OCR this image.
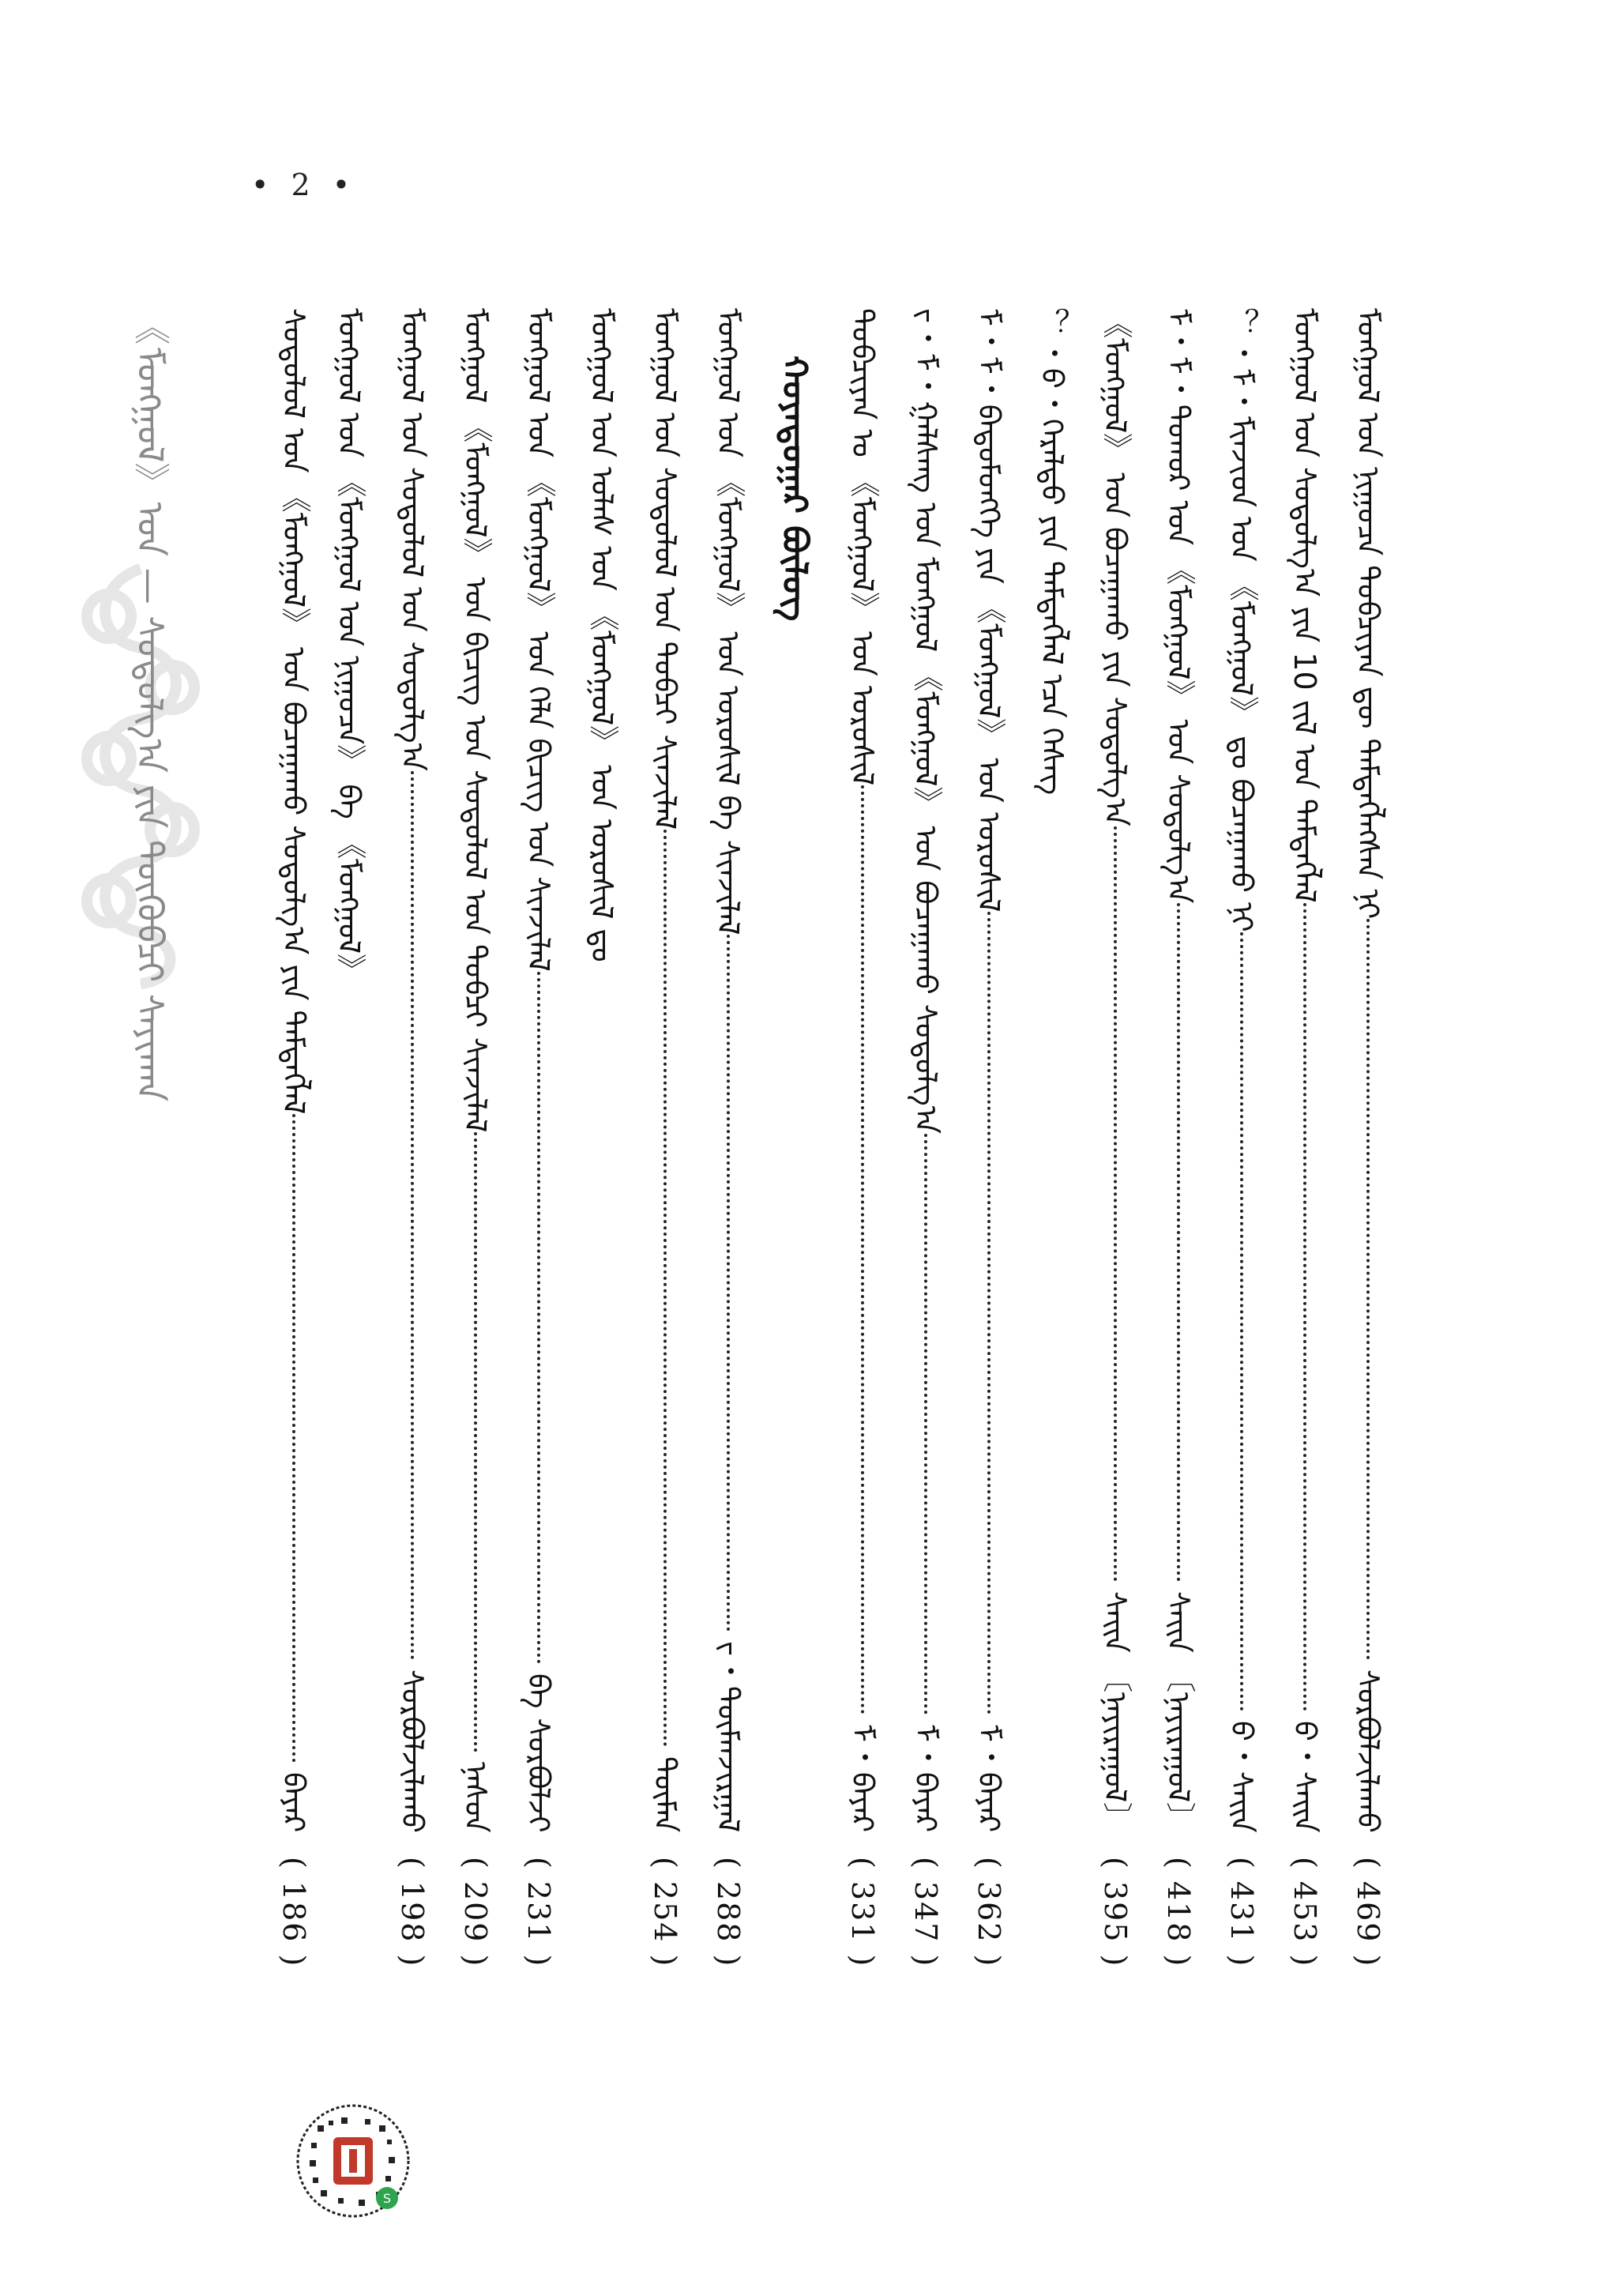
• 2 •
《ᠮᠣᠩᠭᠣᠯ》ᠤᠨ — ᠰᠤᠳᠤᠯᠭ᠎ᠠ ᠶᠢᠨ ᠲᠦᠬᠦᠪᠴᠢ ᠰᠠᠶᠢᠬᠠᠨ	ᠮᠣᠩᠭᠣᠯ ᠤᠨ ᠨᠢᠭᠤᠴᠠ ᠲᠣᠪᠴᠢᠶᠠᠨ ᠳᠦ ᠲᠡᠮᠳᠡᠭᠯᠡᠭᠰᠡᠨ ᠨᠢ
ᠰᠤᠷᠪᠤᠯᠵᠢᠯᠠᠬᠤ
( 469 )
ᠮᠣᠩᠭᠣᠯ ᠤᠨ ᠰᠤᠳᠤᠯᠭ᠎ᠠ ᠶᠢᠨ 10 ᠵᠢᠯ ᠤᠨ ᠲᠡᠮᠳᠡᠭᠯᠡᠯ
ᠪ・ᠰᠠᠢᠨ
( 453 )
？・ᠮ・ᠮᠢᠨᠵᠢᠳ ᠤᠨ 《ᠮᠣᠩᠭᠣᠯ》 ᠳᠤ ᠪᠤᠴᠠᠭᠠᠬᠤ ᠨᠢ
ᠪ・ᠰᠠᠢᠨ
( 431 )
ᠮ・ᠮ・ᠳᠤᠬᠤᠷ ᠤᠨ 《ᠮᠣᠩᠭᠣᠯ》 ᠤᠨ ᠰᠤᠳᠤᠯᠭ᠎ᠠ
ᠰᠠᠢᠨ 〔ᠨᠠᠶᠢᠷᠠᠭᠤᠯ〕
( 418 )
《ᠮᠣᠩᠭᠣᠯ》 ᠤᠨ ᠪᠤᠴᠠᠭᠠᠬᠤ ᠶᠢᠨ ᠰᠤᠳᠤᠯᠭ᠎ᠠ
ᠰᠠᠢᠨ 〔ᠨᠠᠶᠢᠷᠠᠭᠤᠯ〕
( 395 )
？・ᠪ・ᠭᠡᠷᠡᠯᠲᠦ ᠶᠢᠨ ᠲᠡᠮᠳᠡᠭᠯᠡᠯ ᠡᠴᠡ ᠬᠡᠰᠡᠭ
ᠮ・ᠮ・ᠪᠠᠲᠤᠮᠥᠩᠬᠡ ᠶᠢᠨ 《ᠮᠣᠩᠭᠣᠯ》 ᠤᠨ ᠣᠷᠣᠰᠢᠯ
ᠮ・ᠪᠠᠶᠠᠷ
( 362 )
ᠵ・ᠮ・ᠭᠠᠯᠰᠠᠩ ᠤᠨ ᠮᠣᠩᠭᠣᠯ 《ᠮᠣᠩᠭᠣᠯ》 ᠤᠨ ᠪᠤᠴᠠᠭᠠᠬᠤ ᠰᠤᠳᠤᠯᠭ᠎ᠠ
ᠮ・ᠪᠠᠶᠠᠷ
( 347 )
ᠲᠣᠪᠴᠢᠶᠠᠨ ᠤ 《ᠮᠣᠩᠭᠣᠯ》 ᠤᠨ ᠣᠷᠣᠰᠢᠯ
ᠮ・ᠪᠠᠶᠠᠷ
( 331 )
ᠬᠣᠶᠠᠳᠤᠭᠠᠷ ᠪᠦᠯᠦᠭ
ᠮᠣᠩᠭᠣᠯ ᠤᠨ 《ᠮᠣᠩᠭᠣᠯ》 ᠤᠨ ᠣᠷᠣᠰᠢᠯ ᠪᠠ ᠰᠢᠨᠵᠢᠯᠡᠯ
ᠵ・ᠲᠦᠮᠡᠨᠵᠢᠷᠭᠠᠯ
( 288 )
ᠮᠣᠩᠭᠣᠯ ᠤᠨ ᠰᠤᠳᠤᠯᠤᠯ ᠤᠨ ᠲᠣᠪᠴᠢ ᠰᠢᠨᠵᠢᠯᠡᠯ
ᠲᠦᠮᠡᠨ
( 254 )
ᠮᠣᠩᠭᠣᠯ ᠤᠨ ᠤᠯᠠᠰ ᠤᠨ 《ᠮᠣᠩᠭᠣᠯ》 ᠤᠨ ᠣᠷᠣᠰᠢᠯ ᠳᠤ
ᠮᠣᠩᠭᠣᠯ ᠤᠨ 《ᠮᠣᠩᠭᠣᠯ》 ᠤᠨ ᠬᠡᠯᠡ ᠪᠢᠴᠢᠭ ᠤᠨ ᠰᠢᠨᠵᠢᠯᠡᠯ
ᠪᠠ ᠰᠤᠷᠪᠤᠯᠵᠢ
( 231 )
ᠮᠣᠩᠭᠣᠯ 《ᠮᠣᠩᠭᠣᠯ》 ᠤᠨ ᠪᠢᠴᠢᠭ ᠤᠨ ᠰᠤᠳᠤᠯᠤᠯ ᠤᠨ ᠲᠣᠪᠴᠢ ᠰᠢᠨᠵᠢᠯᠡᠯ
ᠨᠠᠰᠤᠨ
( 209 )
ᠮᠣᠩᠭᠣᠯ ᠤᠨ ᠰᠤᠳᠤᠯᠤᠯ ᠤᠨ ᠰᠤᠳᠤᠯᠭ᠎ᠠ
ᠰᠤᠷᠪᠤᠯᠵᠢᠯᠠᠬᠤ
( 198 )
ᠮᠣᠩᠭᠣᠯ ᠤᠨ 《ᠮᠣᠩᠭᠣᠯ ᠤᠨ ᠨᠢᠭᠤᠴᠠ》 ᠪᠠ 《ᠮᠣᠩᠭᠣᠯ》
ᠰᠤᠳᠤᠯᠤᠯ ᠤᠨ 《ᠮᠣᠩᠭᠣᠯ》 ᠤᠨ ᠪᠤᠴᠠᠭᠠᠬᠤ ᠰᠤᠳᠤᠯᠭ᠎ᠠ ᠶᠢᠨ ᠲᠡᠮᠳᠡᠭᠯᠡᠯ
ᠪᠠᠶᠠᠷ
( 186 )
S
